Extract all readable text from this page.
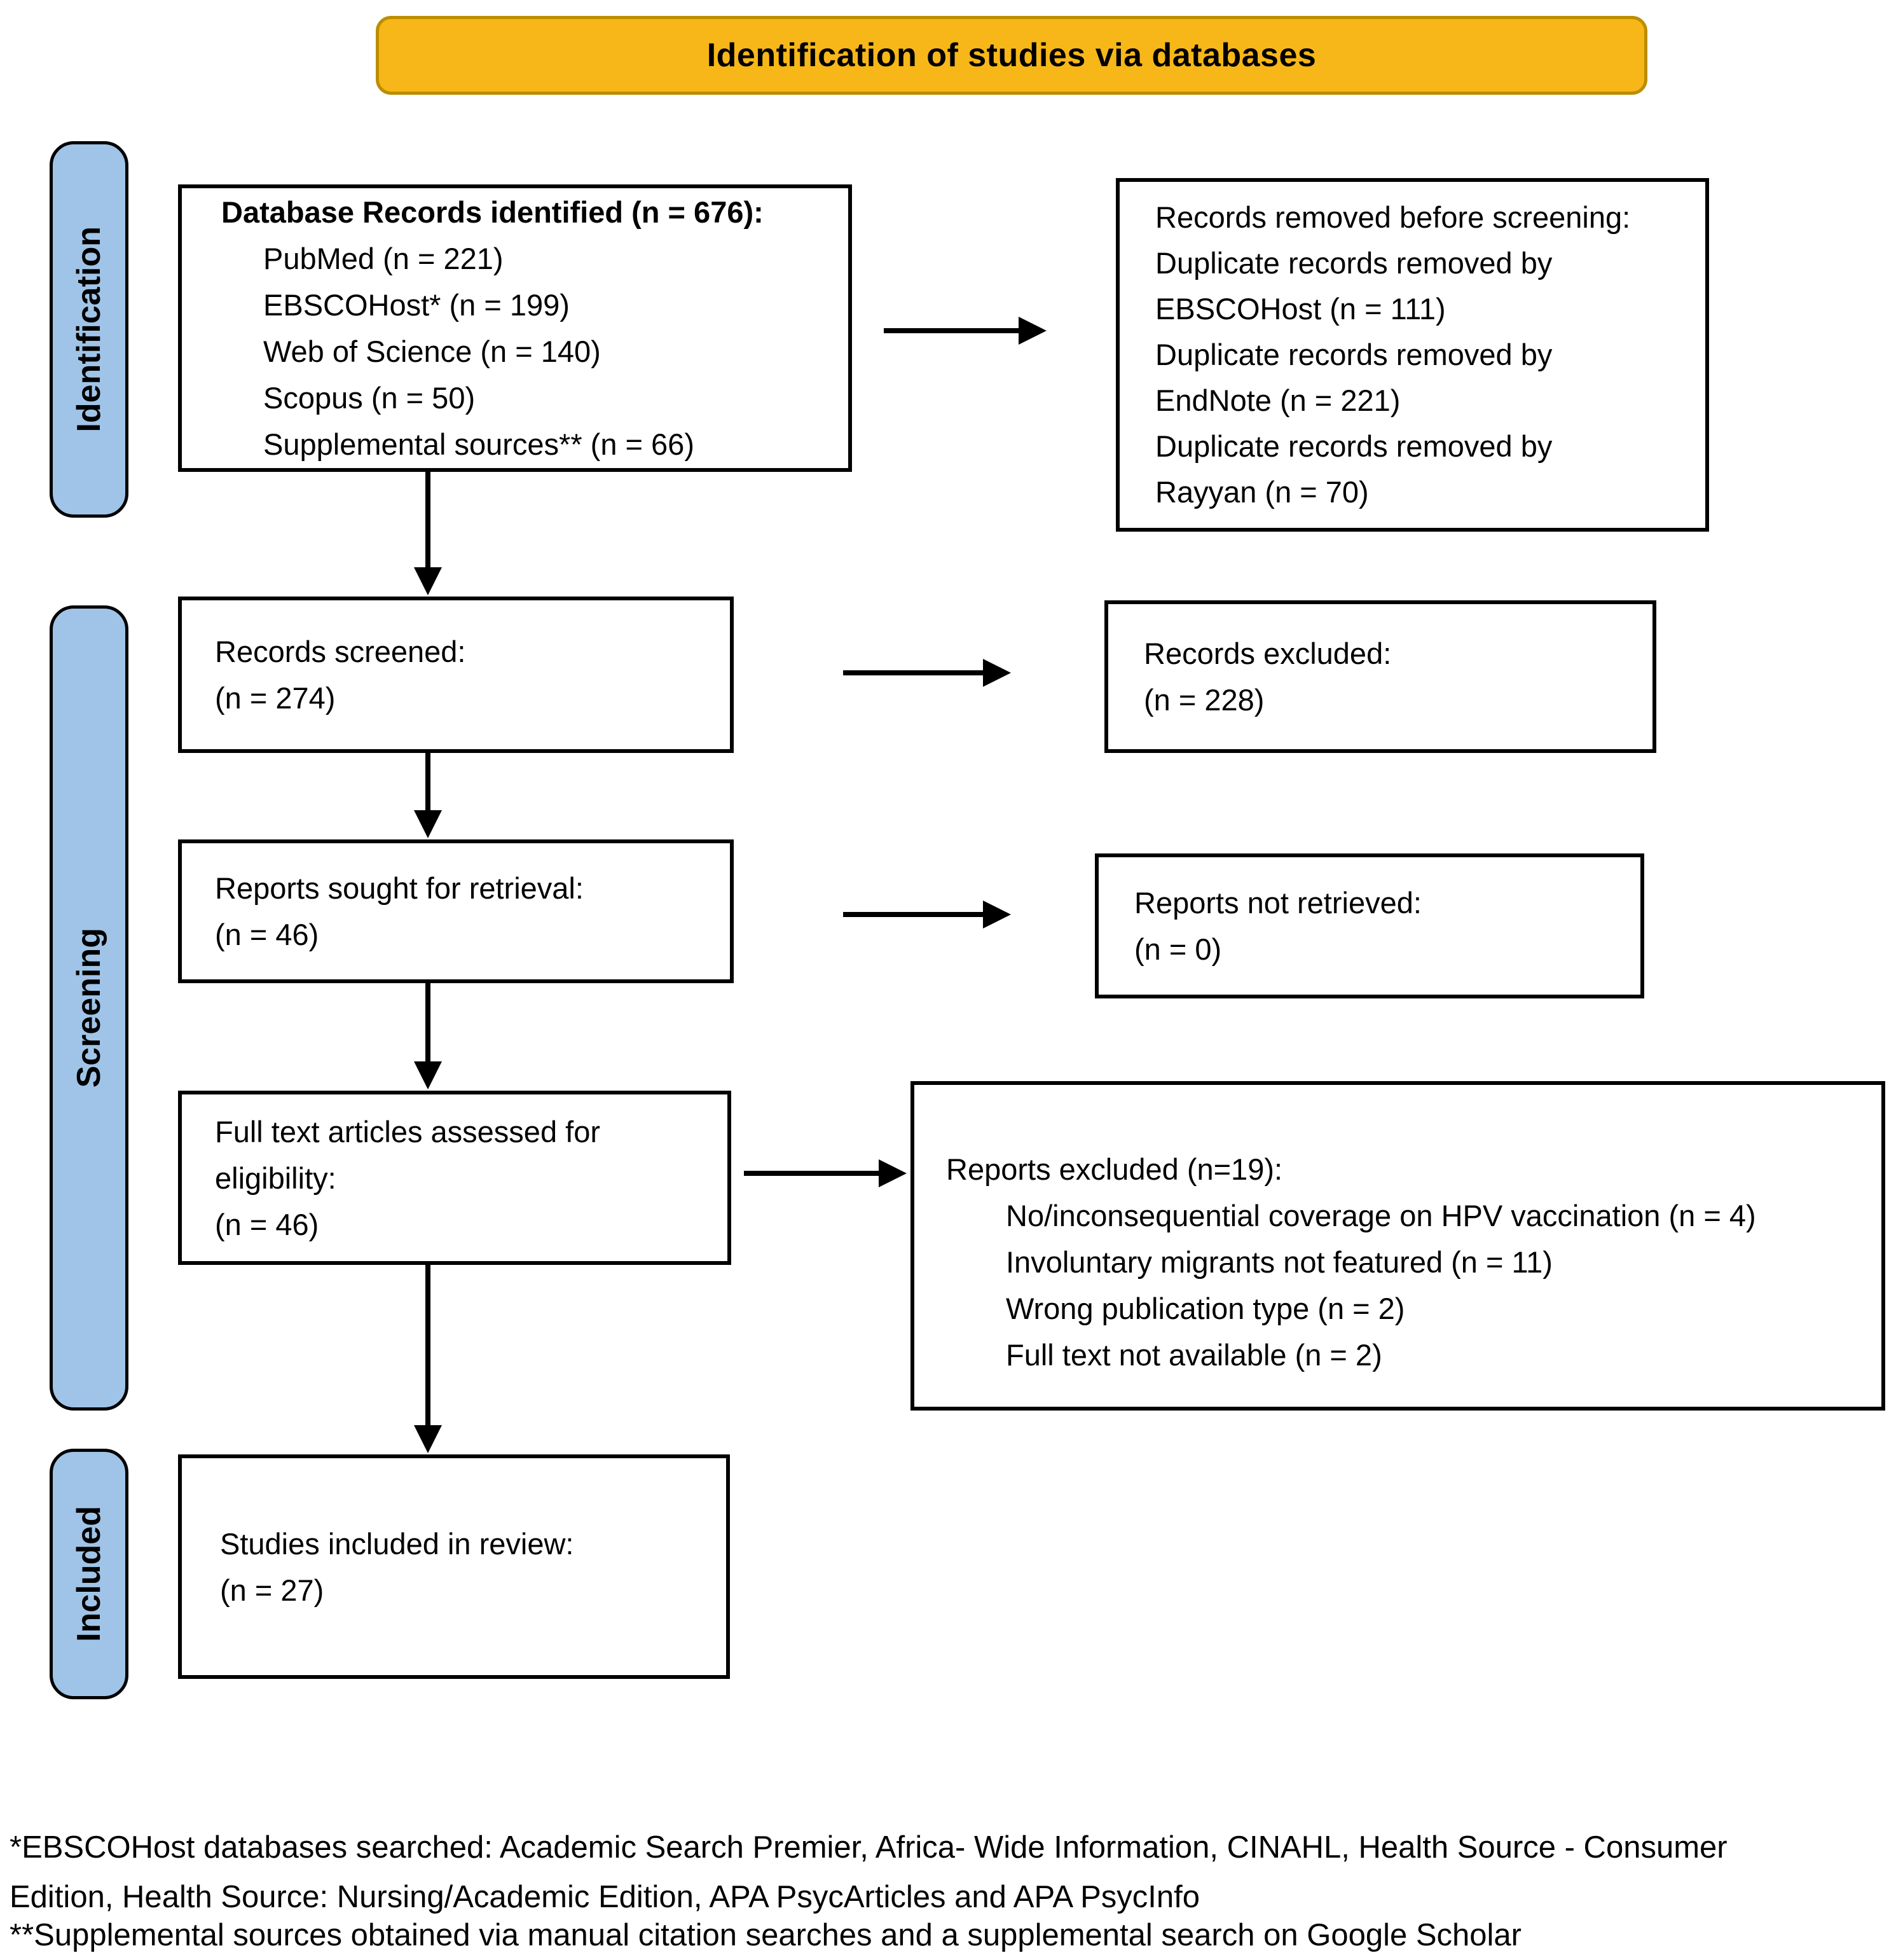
Identification of studies via databases
Identification
Screening
Included
Database Records identified (n = 676):
PubMed (n = 221)
EBSCOHost* (n = 199)
Web of Science (n = 140)
Scopus (n = 50)
Supplemental sources** (n = 66)
Records removed before screening:
Duplicate records removed by
EBSCOHost (n = 111)
Duplicate records removed by
EndNote (n = 221)
Duplicate records removed by
Rayyan (n = 70)
Records screened:
(n = 274)
Records excluded:
(n = 228)
Reports sought for retrieval:
(n = 46)
Reports not retrieved:
(n = 0)
Full text articles assessed for
eligibility:
(n = 46)
Reports excluded (n=19):
No/inconsequential coverage on HPV vaccination (n = 4)
Involuntary migrants not featured (n = 11)
Wrong publication type (n = 2)
Full text not available (n = 2)
Studies included in review:
(n = 27)
*EBSCOHost databases searched: Academic Search Premier, Africa- Wide Information, CINAHL, Health Source - Consumer
Edition, Health Source: Nursing/Academic Edition, APA PsycArticles and APA PsycInfo
**Supplemental sources obtained via manual citation searches and a supplemental search on Google Scholar
